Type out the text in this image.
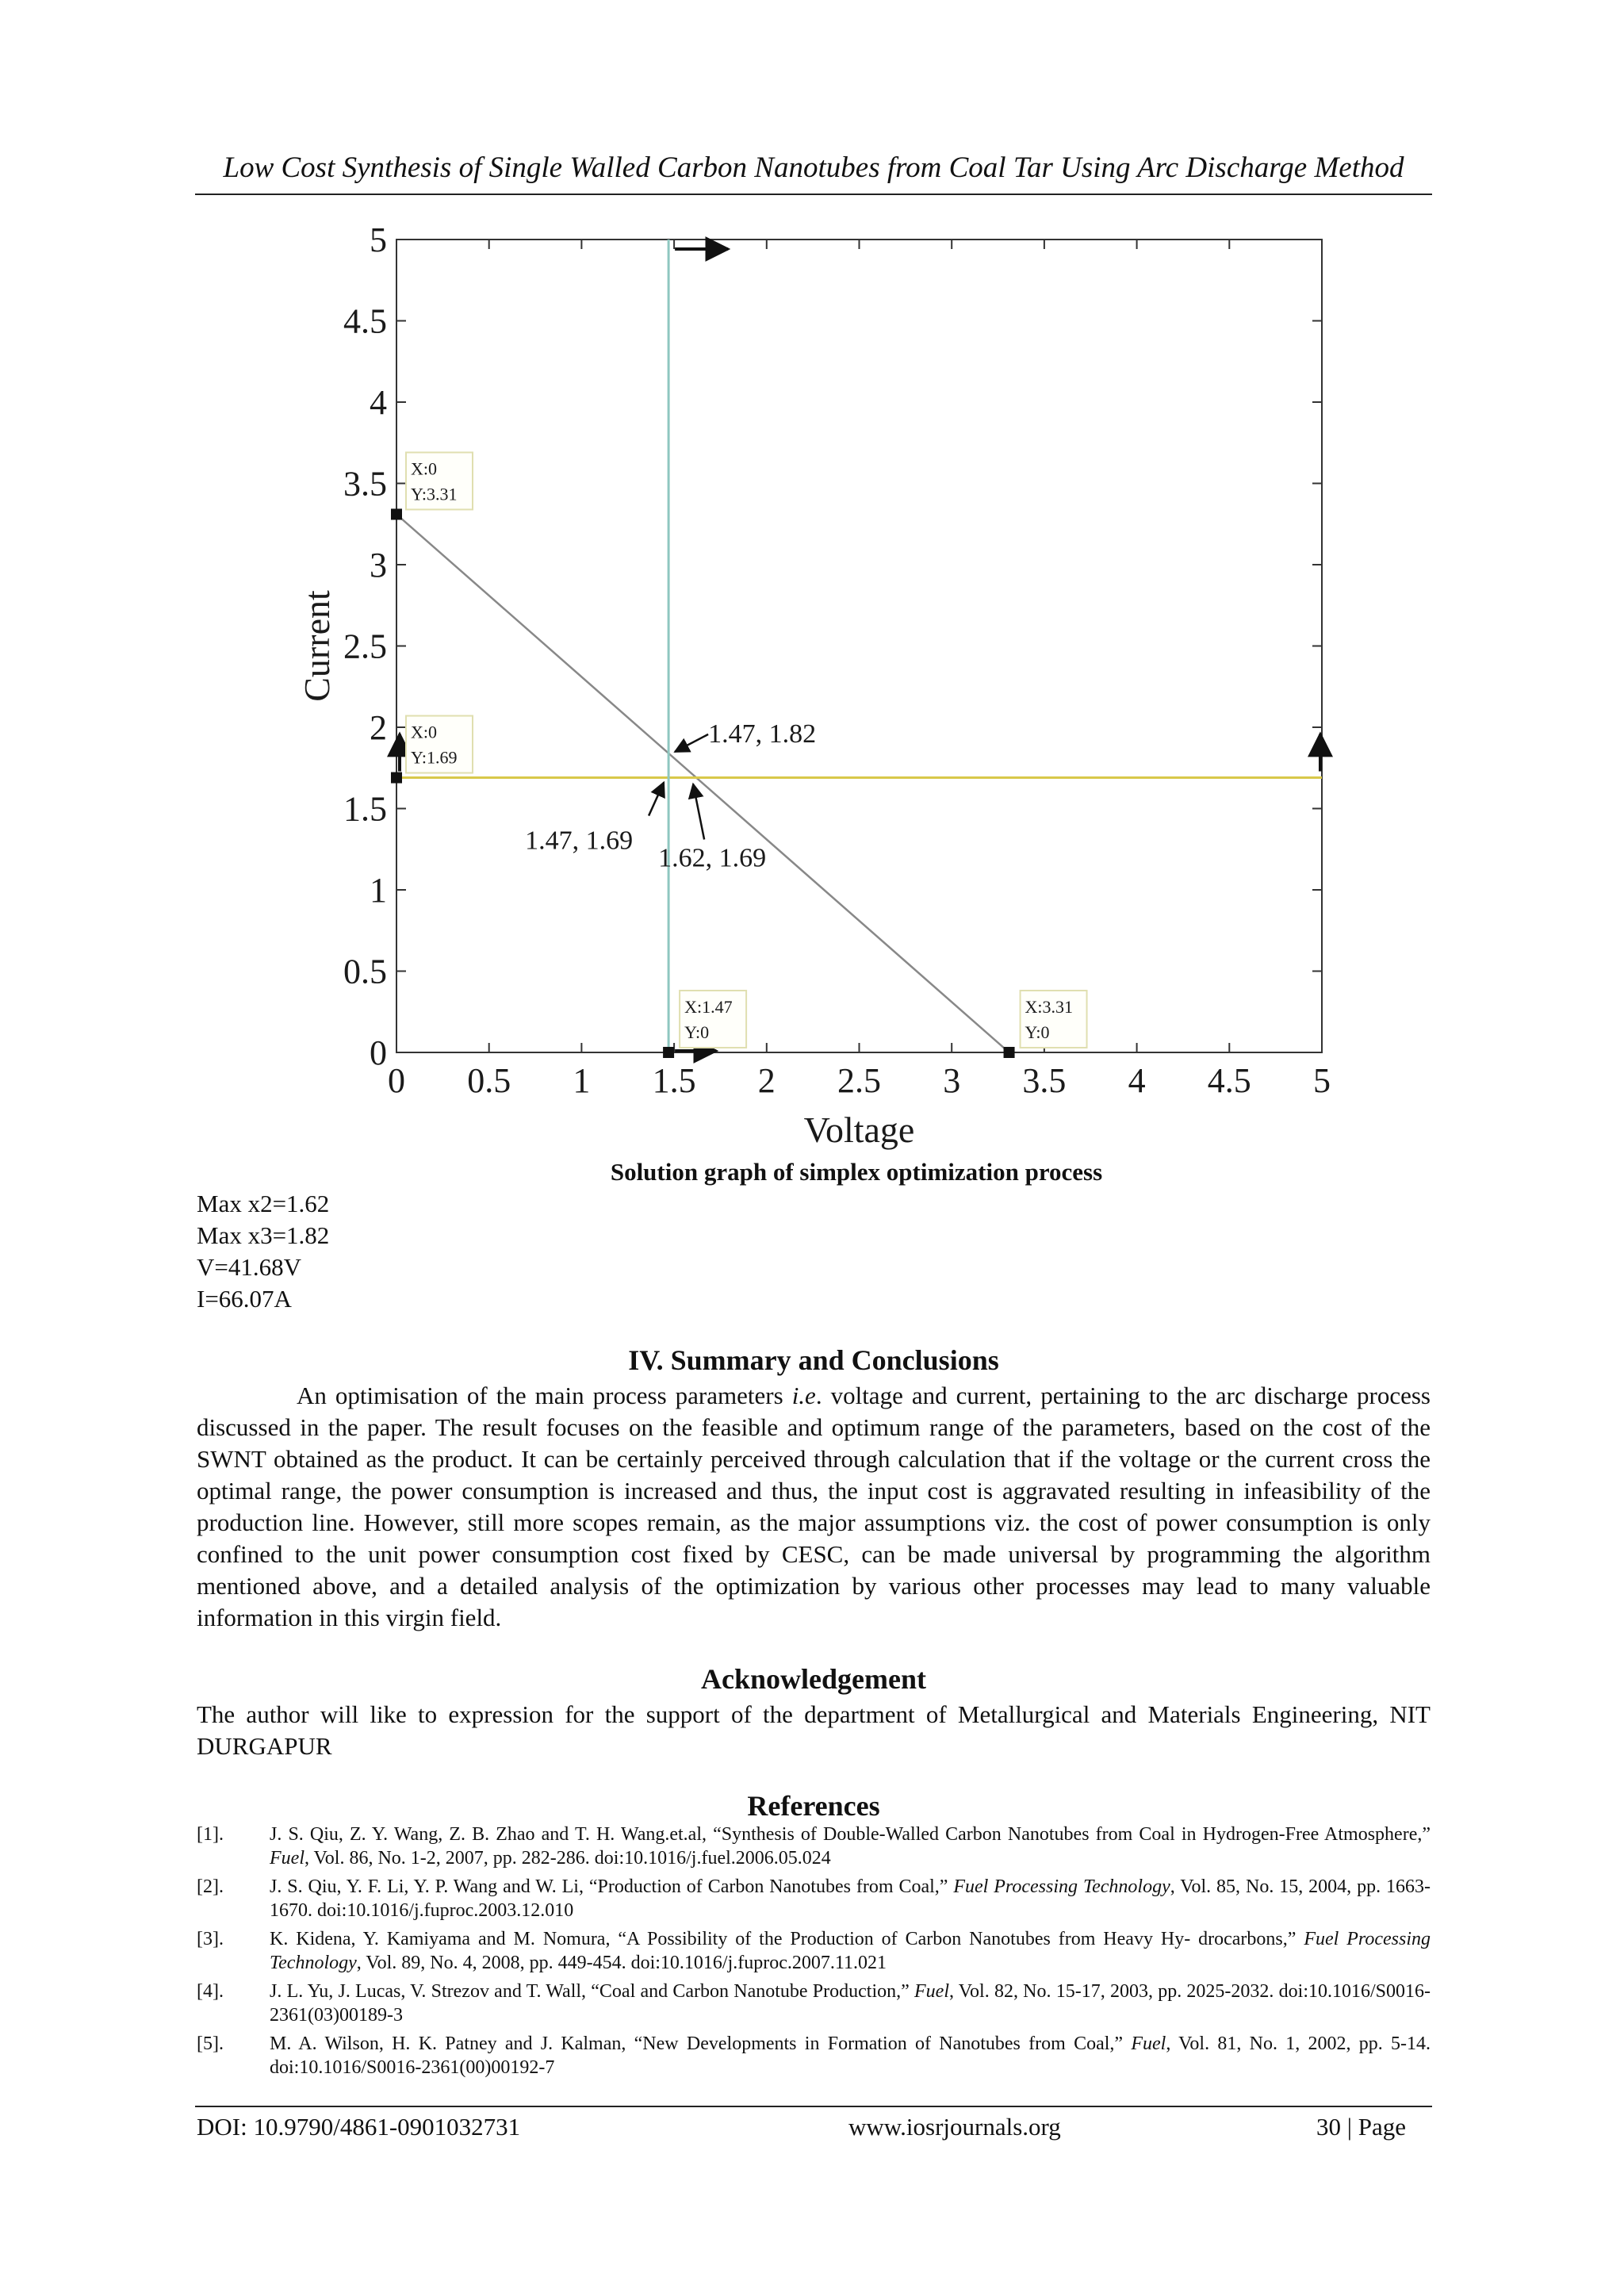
Low Cost Synthesis of Single Walled Carbon Nanotubes from Coal Tar Using Arc Discharge Method
0 0.5 1 1.5 2 2.5 3 3.5 4 4.5 5
0
0.5
1
1.5
2
2.5
3
3.5
4
4.5
5
Voltage
Current
X:0
Y:3.31
X:0
Y:1.69
X:1.47
Y:0
X:3.31
Y:0
1.47, 1.82
1.47, 1.69
1.62, 1.69
Solution graph of simplex optimization process
Max x2=1.62
Max x3=1.82
V=41.68V
I=66.07A
IV. Summary and Conclusions
An optimisation of the main process parameters i.e. voltage and current, pertaining to the arc discharge process discussed in the paper. The result focuses on the feasible and optimum range of the parameters, based on the cost of the SWNT obtained as the product. It can be certainly perceived through calculation that if the voltage or the current cross the optimal range, the power consumption is increased and thus, the input cost is aggravated resulting in infeasibility of the production line. However, still more scopes remain, as the major assumptions viz. the cost of power consumption is only confined to the unit power consumption cost fixed by CESC, can be made universal by programming the algorithm mentioned above, and a detailed analysis of the optimization by various other processes may lead to many valuable information in this virgin field.
Acknowledgement
The author will like to expression for the support of the department of Metallurgical and Materials Engineering, NIT DURGAPUR
References
[1].	J. S. Qiu, Z. Y. Wang, Z. B. Zhao and T. H. Wang.et.al, “Synthesis of Double-Walled Carbon Nanotubes from Coal in Hydrogen-Free Atmosphere,” Fuel, Vol. 86, No. 1-2, 2007, pp. 282-286. doi:10.1016/j.fuel.2006.05.024
[2].	J. S. Qiu, Y. F. Li, Y. P. Wang and W. Li, “Production of Carbon Nanotubes from Coal,” Fuel Processing Technology, Vol. 85, No. 15, 2004, pp. 1663-1670. doi:10.1016/j.fuproc.2003.12.010
[3].	K. Kidena, Y. Kamiyama and M. Nomura, “A Possibility of the Production of Carbon Nanotubes from Heavy Hy- drocarbons,” Fuel Processing Technology, Vol. 89, No. 4, 2008, pp. 449-454. doi:10.1016/j.fuproc.2007.11.021
[4].	J. L. Yu, J. Lucas, V. Strezov and T. Wall, “Coal and Carbon Nanotube Production,” Fuel, Vol. 82, No. 15-17, 2003, pp. 2025-2032. doi:10.1016/S0016-2361(03)00189-3
[5].	M. A. Wilson, H. K. Patney and J. Kalman, “New Developments in Formation of Nanotubes from Coal,” Fuel, Vol. 81, No. 1, 2002, pp. 5-14. doi:10.1016/S0016-2361(00)00192-7
DOI: 10.9790/4861-0901032731	www.iosrjournals.org	30 | Page
